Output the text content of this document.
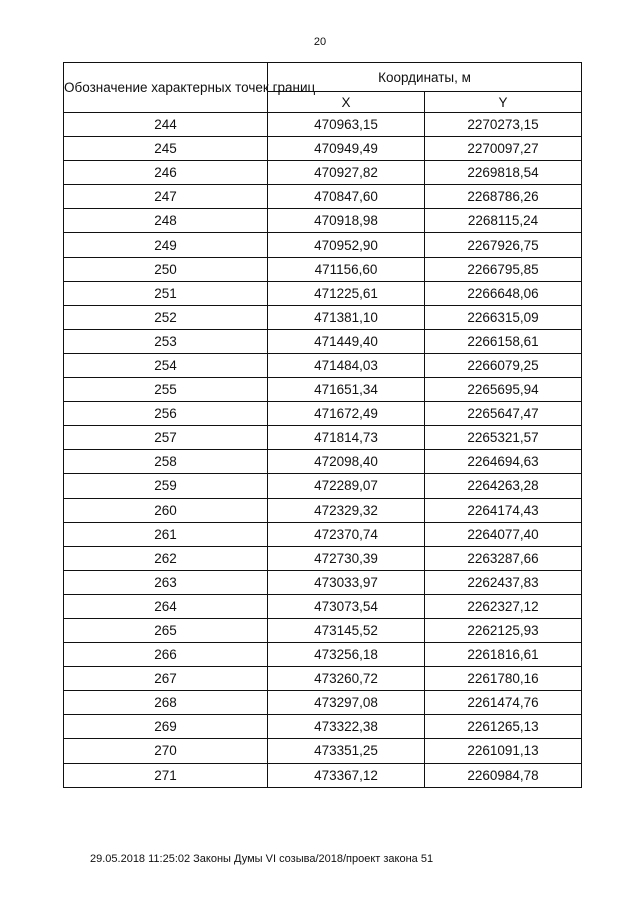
20
Обозначение характерных точек границ	Координаты, м	
	X	Y
244	470963,15	2270273,15
245	470949,49	2270097,27
246	470927,82	2269818,54
247	470847,60	2268786,26
248	470918,98	2268115,24
249	470952,90	2267926,75
250	471156,60	2266795,85
251	471225,61	2266648,06
252	471381,10	2266315,09
253	471449,40	2266158,61
254	471484,03	2266079,25
255	471651,34	2265695,94
256	471672,49	2265647,47
257	471814,73	2265321,57
258	472098,40	2264694,63
259	472289,07	2264263,28
260	472329,32	2264174,43
261	472370,74	2264077,40
262	472730,39	2263287,66
263	473033,97	2262437,83
264	473073,54	2262327,12
265	473145,52	2262125,93
266	473256,18	2261816,61
267	473260,72	2261780,16
268	473297,08	2261474,76
269	473322,38	2261265,13
270	473351,25	2261091,13
271	473367,12	2260984,78
29.05.2018 11:25:02 Законы Думы VI созыва/2018/проект закона 51
